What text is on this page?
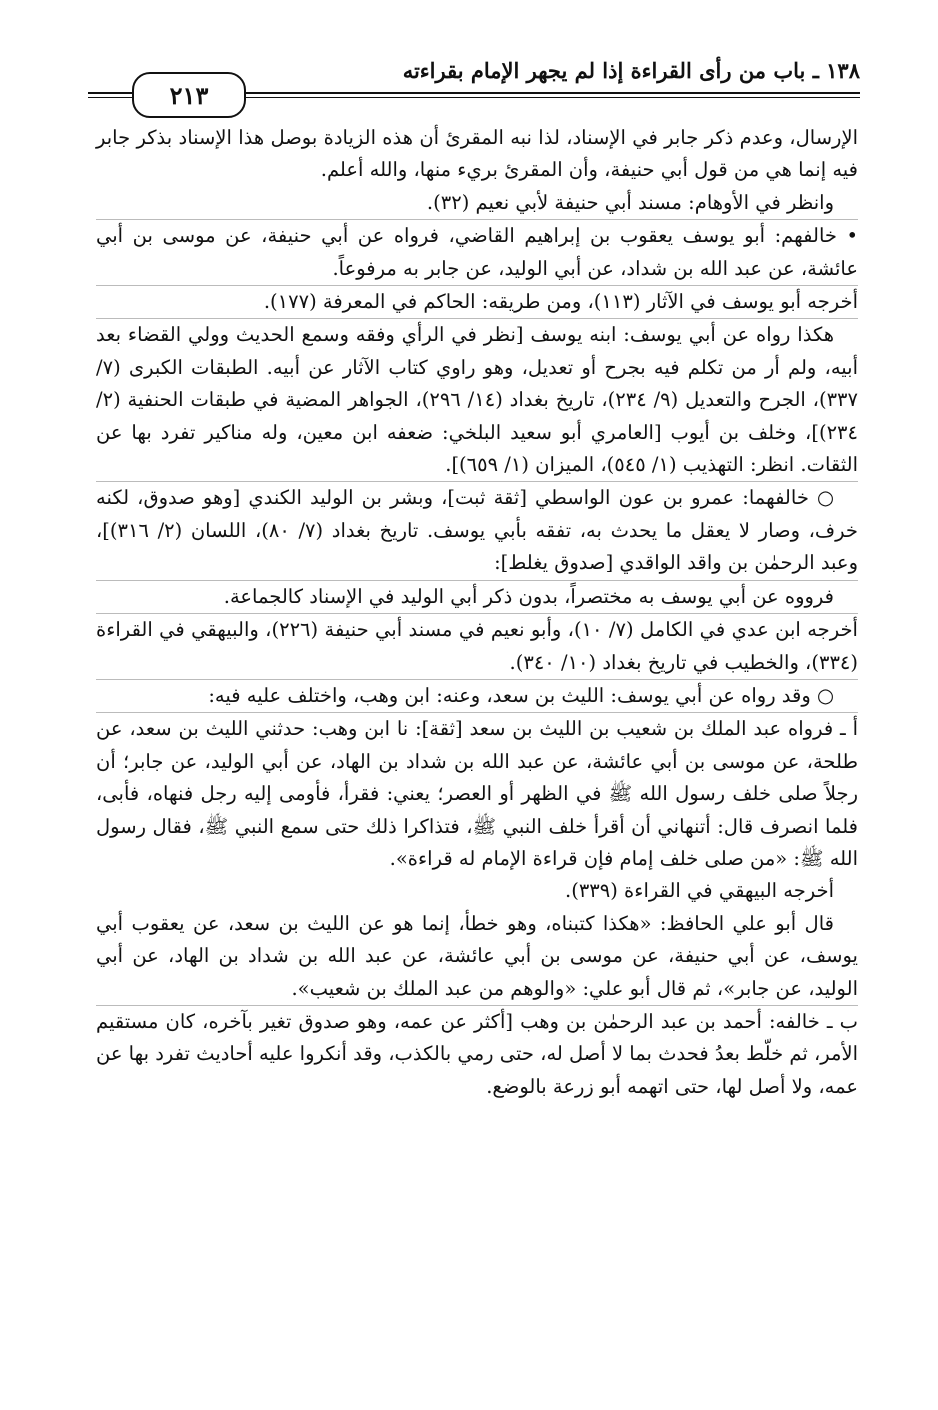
١٣٨ ـ باب من رأى القراءة إذا لم يجهر الإمام بقراءته
٢١٣

الإرسال، وعدم ذكر جابر في الإسناد، لذا نبه المقرئ أن هذه الزيادة بوصل هذا الإسناد بذكر جابر فيه إنما هي من قول أبي حنيفة، وأن المقرئ بريء منها، والله أعلم.

وانظر في الأوهام: مسند أبي حنيفة لأبي نعيم (٣٢).

• خالفهم: أبو يوسف يعقوب بن إبراهيم القاضي، فرواه عن أبي حنيفة، عن موسى بن أبي عائشة، عن عبد الله بن شداد، عن أبي الوليد، عن جابر به مرفوعاً.

أخرجه أبو يوسف في الآثار (١١٣)، ومن طريقه: الحاكم في المعرفة (١٧٧).

هكذا رواه عن أبي يوسف: ابنه يوسف [نظر في الرأي وفقه وسمع الحديث وولي القضاء بعد أبيه، ولم أر من تكلم فيه بجرح أو تعديل، وهو راوي كتاب الآثار عن أبيه. الطبقات الكبرى (٧/ ٣٣٧)، الجرح والتعديل (٩/ ٢٣٤)، تاريخ بغداد (١٤/ ٢٩٦)، الجواهر المضية في طبقات الحنفية (٢/ ٢٣٤)]، وخلف بن أيوب [العامري أبو سعيد البلخي: ضعفه ابن معين، وله مناكير تفرد بها عن الثقات. انظر: التهذيب (١/ ٥٤٥)، الميزان (١/ ٦٥٩)].

○ خالفهما: عمرو بن عون الواسطي [ثقة ثبت]، وبشر بن الوليد الكندي [وهو صدوق، لكنه خرف، وصار لا يعقل ما يحدث به، تفقه بأبي يوسف. تاريخ بغداد (٧/ ٨٠)، اللسان (٢/ ٣١٦)]، وعبد الرحمٰن بن واقد الواقدي [صدوق يغلط]:

فرووه عن أبي يوسف به مختصراً، بدون ذكر أبي الوليد في الإسناد كالجماعة.

أخرجه ابن عدي في الكامل (٧/ ١٠)، وأبو نعيم في مسند أبي حنيفة (٢٢٦)، والبيهقي في القراءة (٣٣٤)، والخطيب في تاريخ بغداد (١٠/ ٣٤٠).

○ وقد رواه عن أبي يوسف: الليث بن سعد، وعنه: ابن وهب، واختلف عليه فيه:

أ ـ فرواه عبد الملك بن شعيب بن الليث بن سعد [ثقة]: نا ابن وهب: حدثني الليث بن سعد، عن طلحة، عن موسى بن أبي عائشة، عن عبد الله بن شداد بن الهاد، عن أبي الوليد، عن جابر؛ أن رجلاً صلى خلف رسول الله ﷺ في الظهر أو العصر؛ يعني: فقرأ، فأومى إليه رجل فنهاه، فأبى، فلما انصرف قال: أتنهاني أن أقرأ خلف النبي ﷺ، فتذاكرا ذلك حتى سمع النبي ﷺ، فقال رسول الله ﷺ: «من صلى خلف إمام فإن قراءة الإمام له قراءة».

أخرجه البيهقي في القراءة (٣٣٩).

قال أبو علي الحافظ: «هكذا كتبناه، وهو خطأ، إنما هو عن الليث بن سعد، عن يعقوب أبي يوسف، عن أبي حنيفة، عن موسى بن أبي عائشة، عن عبد الله بن شداد بن الهاد، عن أبي الوليد، عن جابر»، ثم قال أبو علي: «والوهم من عبد الملك بن شعيب».

ب ـ خالفه: أحمد بن عبد الرحمٰن بن وهب [أكثر عن عمه، وهو صدوق تغير بآخره، كان مستقيم الأمر، ثم خلّط بعدُ فحدث بما لا أصل له، حتى رمي بالكذب، وقد أنكروا عليه أحاديث تفرد بها عن عمه، ولا أصل لها، حتى اتهمه أبو زرعة بالوضع.
